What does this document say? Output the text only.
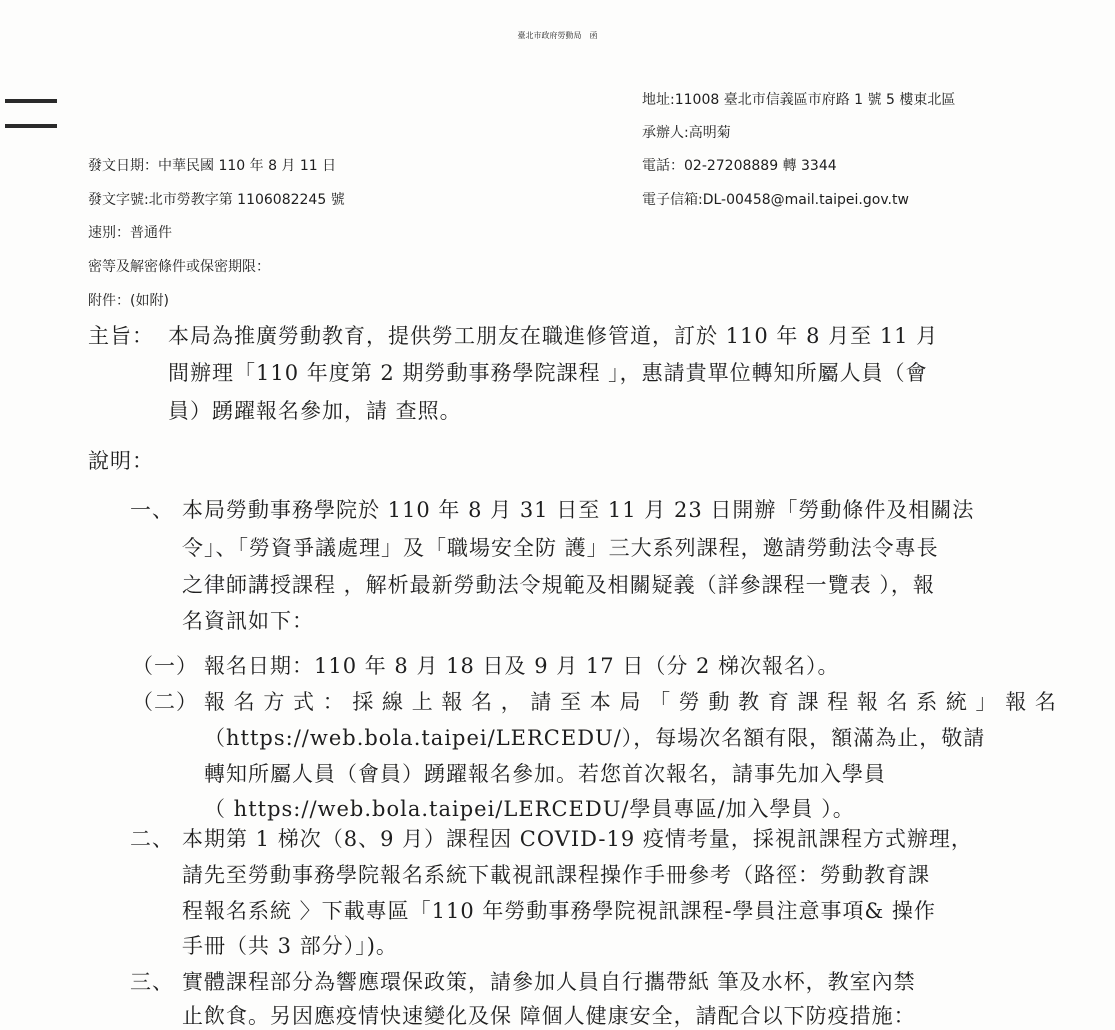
臺北市政府勞動局　函
地址:11008 臺北市信義區市府路 1 號 5 樓東北區
承辦人:高明菊
電話：02-27208889 轉 3344
電子信箱:DL-00458@mail.taipei.gov.tw
發文日期：中華民國 110 年 8 月 11 日
發文字號:北市勞教字第 1106082245 號
速別：普通件
密等及解密條件或保密期限：
附件：(如附)
主旨： 本局為推廣勞動教育，提供勞工朋友在職進修管道，訂於 110 年 8 月至 11 月
間辦理「110 年度第 2 期勞動事務學院課程 」，惠請貴單位轉知所屬人員（會
員）踴躍報名參加，請 查照。
說明：
一、 本局勞動事務學院於 110 年 8 月 31 日至 11 月 23 日開辦「勞動條件及相關法
令」、「勞資爭議處理」及「職場安全防 護」三大系列課程，邀請勞動法令專長
之律師講授課程 ，解析最新勞動法令規範及相關疑義（詳參課程一覽表 ），報
名資訊如下：
（一） 報名日期：110 年 8 月 18 日及 9 月 17 日（分 2 梯次報名）。
（二） 報 名 方 式 ： 採 線 上 報 名 ， 請 至 本 局 「 勞 動 教 育 課 程 報 名 系 統 」 報 名
（https://web.bola.taipei/LERCEDU/），每場次名額有限，額滿為止，敬請
轉知所屬人員（會員）踴躍報名參加。若您首次報名，請事先加入學員
（ https://web.bola.taipei/LERCEDU/學員專區/加入學員 ）。
二、 本期第 1 梯次（8、9 月）課程因 COVID-19 疫情考量，採視訊課程方式辦理，
請先至勞動事務學院報名系統下載視訊課程操作手冊參考（路徑：勞動教育課
程報名系統 〉下載專區「110 年勞動事務學院視訊課程-學員注意事項& 操作
手冊（共 3 部分）」)。
三、 實體課程部分為響應環保政策，請參加人員自行攜帶紙 筆及水杯，教室內禁
止飲食。另因應疫情快速變化及保 障個人健康安全，請配合以下防疫措施：
